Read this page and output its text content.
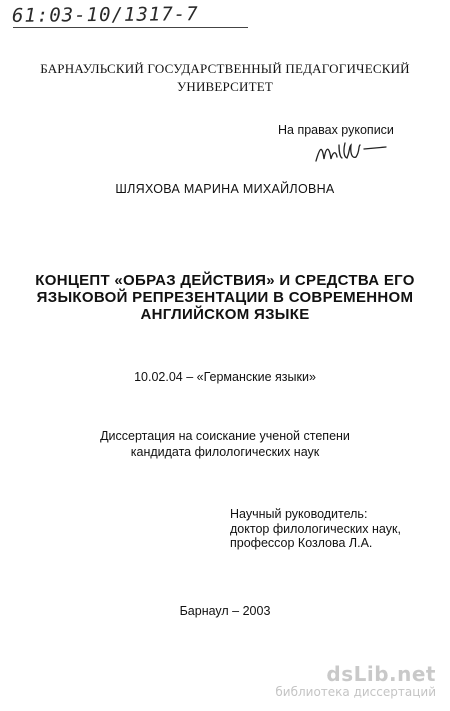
61:03-10/1317-7
БАРНАУЛЬСКИЙ ГОСУДАРСТВЕННЫЙ ПЕДАГОГИЧЕСКИЙ
УНИВЕРСИТЕТ
На правах рукописи
ШЛЯХОВА МАРИНА МИХАЙЛОВНА
КОНЦЕПТ «ОБРАЗ ДЕЙСТВИЯ» И СРЕДСТВА ЕГО
ЯЗЫКОВОЙ РЕПРЕЗЕНТАЦИИ В СОВРЕМЕННОМ
АНГЛИЙСКОМ ЯЗЫКЕ
10.02.04 – «Германские языки»
Диссертация на соискание ученой степени
кандидата филологических наук
Научный руководитель:
доктор филологических наук,
профессор Козлова Л.А.
Барнаул – 2003
dsLib.net
библиотека диссертаций
